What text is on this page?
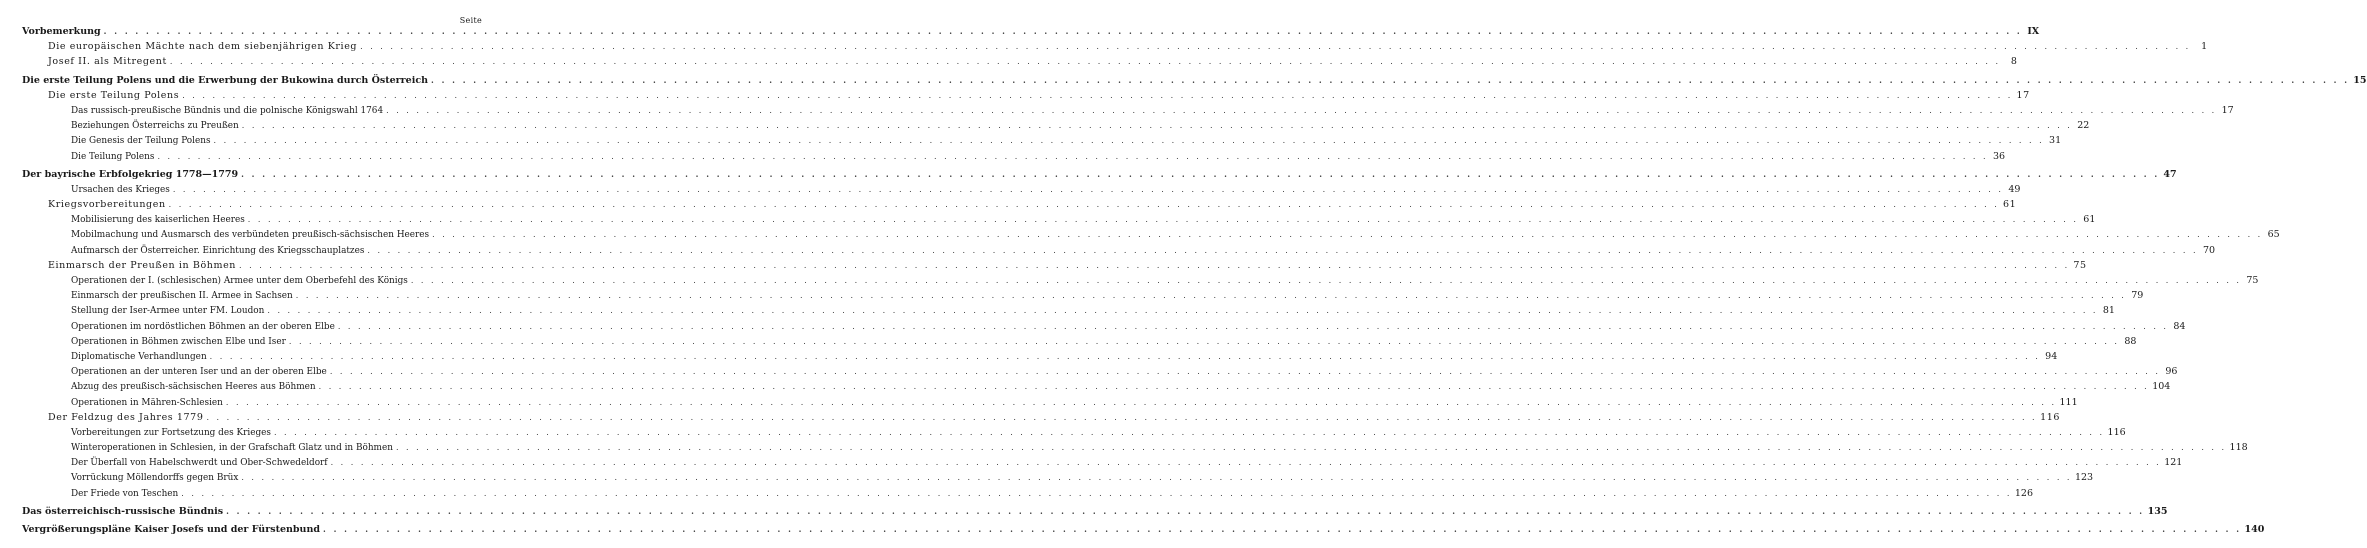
Seite
Vorbemerkung . . .	IX
Die europäischen Mächte nach dem siebenjährigen Krieg . . .	1
Josef II. als Mitregent . . .	8
Die erste Teilung Polens und die Erwerbung der Bukowina durch Österreich . . .	15
Die erste Teilung Polens . . .	17
Das russisch-preußische Bündnis und die polnische Königswahl 1764 . . .	17
Beziehungen Österreichs zu Preußen . . .	22
Die Genesis der Teilung Polens . . .	31
Die Teilung Polens . . .	36
Der bayrische Erbfolgekrieg 1778—1779 . . .	47
Ursachen des Krieges . . .	49
Kriegsvorbereitungen . . .	61
Mobilisierung des kaiserlichen Heeres . . .	61
Mobilmachung und Ausmarsch des verbündeten preußisch-sächsischen Heeres . . .	65
Aufmarsch der Österreicher. Einrichtung des Kriegsschauplatzes . . .	70
Einmarsch der Preußen in Böhmen . . .	75
Operationen der I. (schlesischen) Armee unter dem Oberbefehl des Königs . . .	75
Einmarsch der preußischen II. Armee in Sachsen . . .	79
Stellung der Iser-Armee unter FM. Loudon . . .	81
Operationen im nordöstlichen Böhmen an der oberen Elbe . . .	84
Operationen in Böhmen zwischen Elbe und Iser . . .	88
Diplomatische Verhandlungen . . .	94
Operationen an der unteren Iser und an der oberen Elbe . . .	96
Abzug des preußisch-sächsischen Heeres aus Böhmen . . .	104
Operationen in Mähren-Schlesien . . .	111
Der Feldzug des Jahres 1779 . . .	116
Vorbereitungen zur Fortsetzung des Krieges . . .	116
Winteroperationen in Schlesien, in der Grafschaft Glatz und in Böhmen . . .	118
Der Überfall von Habelschwerdt und Ober-Schwedeldorf . . .	121
Vorrückung Möllendorffs gegen Brüx . . .	123
Der Friede von Teschen . . .	126
Das österreichisch-russische Bündnis . . .	135
Vergrößerungspläne Kaiser Josefs und der Fürstenbund . . .	140
